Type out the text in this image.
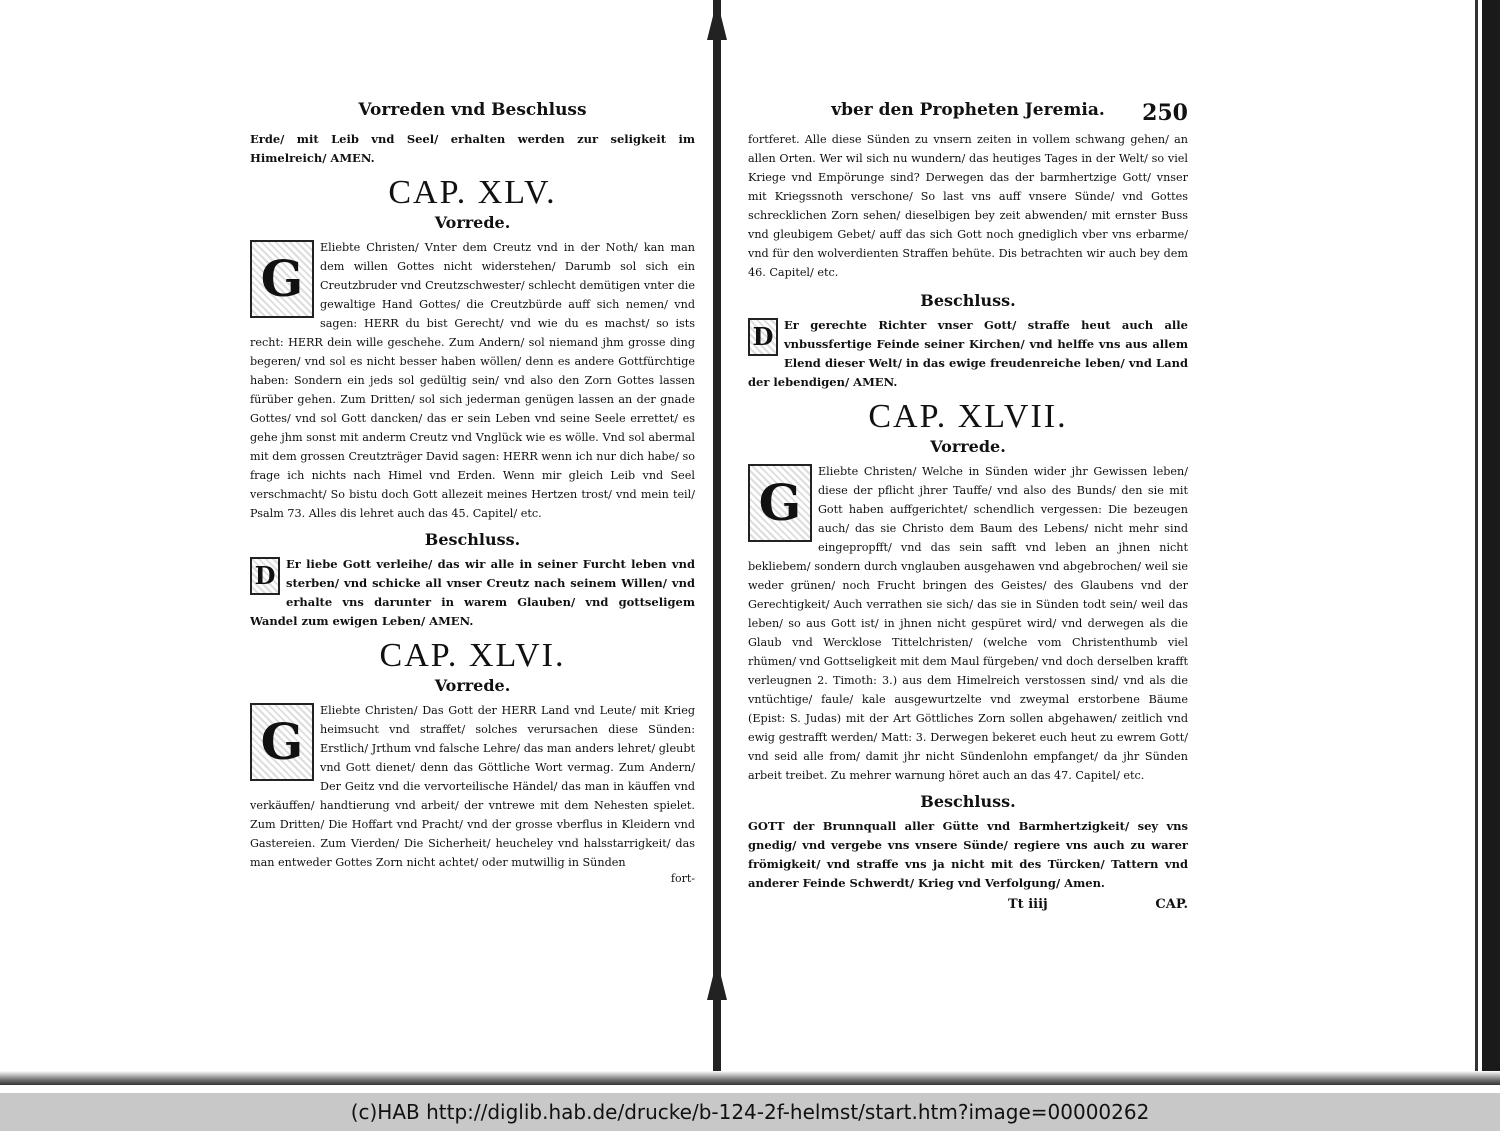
Vorreden vnd Beschluss
Erde/ mit Leib vnd Seel/ erhalten werden zur seligkeit im Himelreich/ AMEN.
CAP. XLV.
Vorrede.
G
Eliebte Christen/ Vnter dem Creutz vnd in der Noth/ kan man dem willen Gottes nicht widerstehen/ Darumb sol sich ein Creutzbruder vnd Creutzschwester/ schlecht demütigen vnter die gewaltige Hand Gottes/ die Creutzbürde auff sich nemen/ vnd sagen: HERR du bist Gerecht/ vnd wie du es machst/ so ists recht: HERR dein wille geschehe. Zum Andern/ sol niemand jhm grosse ding begeren/ vnd sol es nicht besser haben wöllen/ denn es andere Gottfürchtige haben: Sondern ein jeds sol gedültig sein/ vnd also den Zorn Gottes lassen fürüber gehen. Zum Dritten/ sol sich jederman genügen lassen an der gnade Gottes/ vnd sol Gott dancken/ das er sein Leben vnd seine Seele errettet/ es gehe jhm sonst mit anderm Creutz vnd Vnglück wie es wölle. Vnd sol abermal mit dem grossen Creutzträger David sagen: HERR wenn ich nur dich habe/ so frage ich nichts nach Himel vnd Erden. Wenn mir gleich Leib vnd Seel verschmacht/ So bistu doch Gott allezeit meines Hertzen trost/ vnd mein teil/ Psalm 73. Alles dis lehret auch das 45. Capitel/ etc.
Beschluss.
D Er liebe Gott verleihe/ das wir alle in seiner Furcht leben vnd sterben/ vnd schicke all vnser Creutz nach seinem Willen/ vnd erhalte vns darunter in warem Glauben/ vnd gottseligem Wandel zum ewigen Leben/ AMEN.
CAP. XLVI.
Vorrede.
G
Eliebte Christen/ Das Gott der HERR Land vnd Leute/ mit Krieg heimsucht vnd straffet/ solches verursachen diese Sünden: Erstlich/ Jrthum vnd falsche Lehre/ das man anders lehret/ gleubt vnd Gott dienet/ denn das Göttliche Wort vermag. Zum Andern/ Der Geitz vnd die vervorteilische Händel/ das man in käuffen vnd verkäuffen/ handtierung vnd arbeit/ der vntrewe mit dem Nehesten spielet. Zum Dritten/ Die Hoffart vnd Pracht/ vnd der grosse vberflus in Kleidern vnd Gastereien. Zum Vierden/ Die Sicherheit/ heucheley vnd halsstarrigkeit/ das man entweder Gottes Zorn nicht achtet/ oder mutwillig in Sünden
fort-
vber den Propheten Jeremia. 250
fortferet. Alle diese Sünden zu vnsern zeiten in vollem schwang gehen/ an allen Orten. Wer wil sich nu wundern/ das heutiges Tages in der Welt/ so viel Kriege vnd Empörunge sind? Derwegen das der barmhertzige Gott/ vnser mit Kriegssnoth verschone/ So last vns auff vnsere Sünde/ vnd Gottes schrecklichen Zorn sehen/ dieselbigen bey zeit abwenden/ mit ernster Buss vnd gleubigem Gebet/ auff das sich Gott noch gnediglich vber vns erbarme/ vnd für den wolverdienten Straffen behüte. Dis betrachten wir auch bey dem 46. Capitel/ etc.
Beschluss.
D Er gerechte Richter vnser Gott/ straffe heut auch alle vnbussfertige Feinde seiner Kirchen/ vnd helffe vns aus allem Elend dieser Welt/ in das ewige freudenreiche leben/ vnd Land der lebendigen/ AMEN.
CAP. XLVII.
Vorrede.
G
Eliebte Christen/ Welche in Sünden wider jhr Gewissen leben/ diese der pflicht jhrer Tauffe/ vnd also des Bunds/ den sie mit Gott haben auffgerichtet/ schendlich vergessen: Die bezeugen auch/ das sie Christo dem Baum des Lebens/ nicht mehr sind eingepropfft/ vnd das sein safft vnd leben an jhnen nicht bekliebem/ sondern durch vnglauben ausgehawen vnd abgebrochen/ weil sie weder grünen/ noch Frucht bringen des Geistes/ des Glaubens vnd der Gerechtigkeit/ Auch verrathen sie sich/ das sie in Sünden todt sein/ weil das leben/ so aus Gott ist/ in jhnen nicht gespüret wird/ vnd derwegen als die Glaub vnd Wercklose Tittelchristen/ (welche vom Christenthumb viel rhümen/ vnd Gottseligkeit mit dem Maul fürgeben/ vnd doch derselben krafft verleugnen 2. Timoth: 3.) aus dem Himelreich verstossen sind/ vnd als die vntüchtige/ faule/ kale ausgewurtzelte vnd zweymal erstorbene Bäume (Epist: S. Judas) mit der Art Göttliches Zorn sollen abgehawen/ zeitlich vnd ewig gestrafft werden/ Matt: 3. Derwegen bekeret euch heut zu ewrem Gott/ vnd seid alle from/ damit jhr nicht Sündenlohn empfanget/ da jhr Sünden arbeit treibet. Zu mehrer warnung höret auch an das 47. Capitel/ etc.
Beschluss.
GOTT der Brunnquall aller Gütte vnd Barmhertzigkeit/ sey vns gnedig/ vnd vergebe vns vnsere Sünde/ regiere vns auch zu warer frömigkeit/ vnd straffe vns ja nicht mit des Türcken/ Tattern vnd anderer Feinde Schwerdt/ Krieg vnd Verfolgung/ Amen.
Tt iiij	CAP.
(c)HAB http://diglib.hab.de/drucke/b-124-2f-helmst/start.htm?image=00000262
